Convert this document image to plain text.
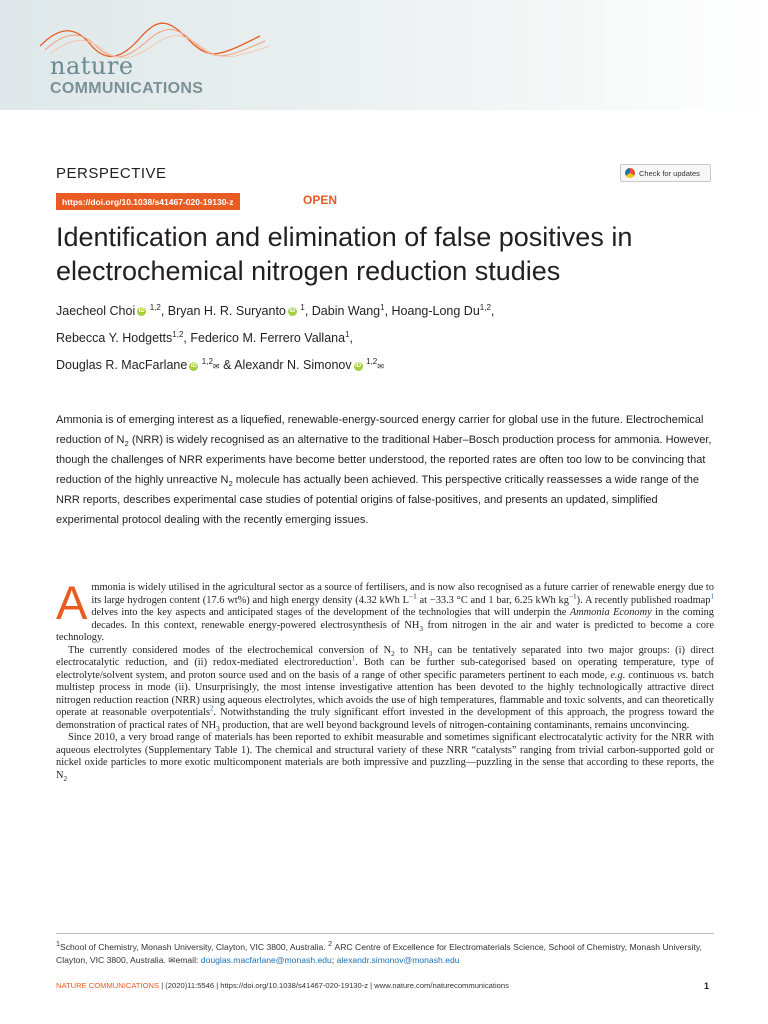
nature
COMMUNICATIONS
PERSPECTIVE	Check for updates
https://doi.org/10.1038/s41467-020-19130-z	OPEN
Identification and elimination of false positives in electrochemical nitrogen reduction studies
Jaecheol Choi iD $^{1,2}$, Bryan H. R. Suryanto iD $^1$, Dabin Wang$^1$, Hoang-Long Du$^{1,2}$,
Rebecca Y. Hodgetts$^{1,2}$, Federico M. Ferrero Vallana$^1$,
Douglas R. MacFarlane iD $^{1,2}$✉ & Alexandr N. Simonov iD $^{1,2}$✉

Ammonia is of emerging interest as a liquefied, renewable-energy-sourced energy carrier for global use in the future. Electrochemical reduction of $N_2$ (NRR) is widely recognised as an alternative to the traditional Haber–Bosch production process for ammonia. However, though the challenges of NRR experiments have become better understood, the reported rates are often too low to be convincing that reduction of the highly unreactive $N_2$ molecule has actually been achieved. This perspective critically reassesses a wide range of the NRR reports, describes experimental case studies of potential origins of false-positives, and presents an updated, simplified experimental protocol dealing with the recently emerging issues.

Ammonia is widely utilised in the agricultural sector as a source of fertilisers, and is now also recognised as a future carrier of renewable energy due to its large hydrogen content (17.6 wt%) and high energy density (4.32 kWh $L^{-1}$ at −33.3 °C and 1 bar, 6.25 kWh $kg^{-1}$). A recently published roadmap$^1$ delves into the key aspects and anticipated stages of the development of the technologies that will underpin the Ammonia Economy in the coming decades. In this context, renewable energy-powered electrosynthesis of $NH_3$ from nitrogen in the air and water is predicted to become a core technology.

The currently considered modes of the electrochemical conversion of $N_2$ to $NH_3$ can be tentatively separated into two major groups: (i) direct electrocatalytic reduction, and (ii) redox-mediated electroreduction$^1$. Both can be further sub-categorised based on operating temperature, type of electrolyte/solvent system, and proton source used and on the basis of a range of other specific parameters pertinent to each mode, e.g. continuous vs. batch multistep process in mode (ii). Unsurprisingly, the most intense investigative attention has been devoted to the highly technologically attractive direct nitrogen reduction reaction (NRR) using aqueous electrolytes, which avoids the use of high temperatures, flammable and toxic solvents, and can theoretically operate at reasonable overpotentials$^2$. Notwithstanding the truly significant effort invested in the development of this approach, the progress toward the demonstration of practical rates of $NH_3$ production, that are well beyond background levels of nitrogen-containing contaminants, remains unconvincing.

Since 2010, a very broad range of materials has been reported to exhibit measurable and sometimes significant electrocatalytic activity for the NRR with aqueous electrolytes (Supplementary Table 1). The chemical and structural variety of these NRR “catalysts” ranging from trivial carbon-supported gold or nickel oxide particles to more exotic multicomponent materials are both impressive and puzzling—puzzling in the sense that according to these reports, the $N_2$

$^1$School of Chemistry, Monash University, Clayton, VIC 3800, Australia. $^2$ ARC Centre of Excellence for Electromaterials Science, School of Chemistry, Monash University, Clayton, VIC 3800, Australia. ✉email: douglas.macfarlane@monash.edu; alexandr.simonov@monash.edu
NATURE COMMUNICATIONS | (2020)11:5546 | https://doi.org/10.1038/s41467-020-19130-z | www.nature.com/naturecommunications	1
